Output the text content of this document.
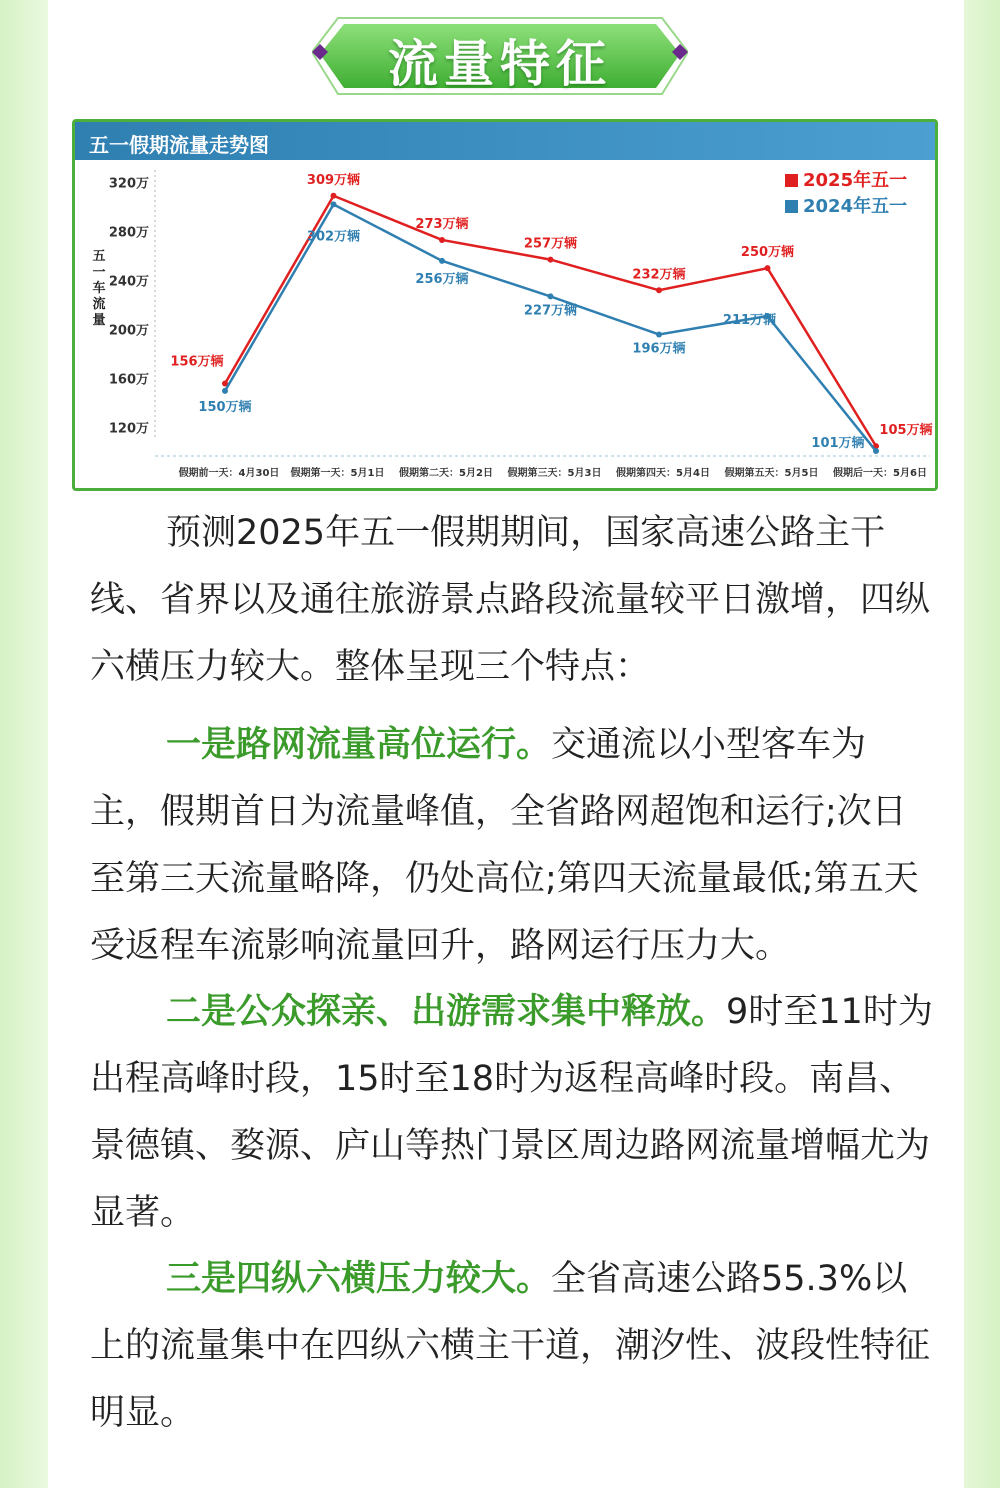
流量特征
五一假期流量走势图
120万
160万
200万
240万
280万
320万
五
一
车
流
量
假期前一天：4月30日 假期第一天：5月1日 假期第二天：5月2日 假期第三天：5月3日 假期第四天：5月4日 假期第五天：5月5日 假期后一天：5月6日
156万辆
309万辆
273万辆
257万辆
232万辆
250万辆
105万辆
150万辆
302万辆
256万辆
227万辆
196万辆
211万辆
101万辆
2025年五一
2024年五一
预测2025年五一假期期间，国家高速公路主干线、省界以及通往旅游景点路段流量较平日激增，四纵六横压力较大。整体呈现三个特点：
一是路网流量高位运行。交通流以小型客车为主，假期首日为流量峰值，全省路网超饱和运行;次日至第三天流量略降，仍处高位;第四天流量最低;第五天受返程车流影响流量回升，路网运行压力大。
二是公众探亲、出游需求集中释放。9时至11时为出程高峰时段，15时至18时为返程高峰时段。南昌、景德镇、婺源、庐山等热门景区周边路网流量增幅尤为显著。
三是四纵六横压力较大。全省高速公路55.3%以上的流量集中在四纵六横主干道，潮汐性、波段性特征明显。
